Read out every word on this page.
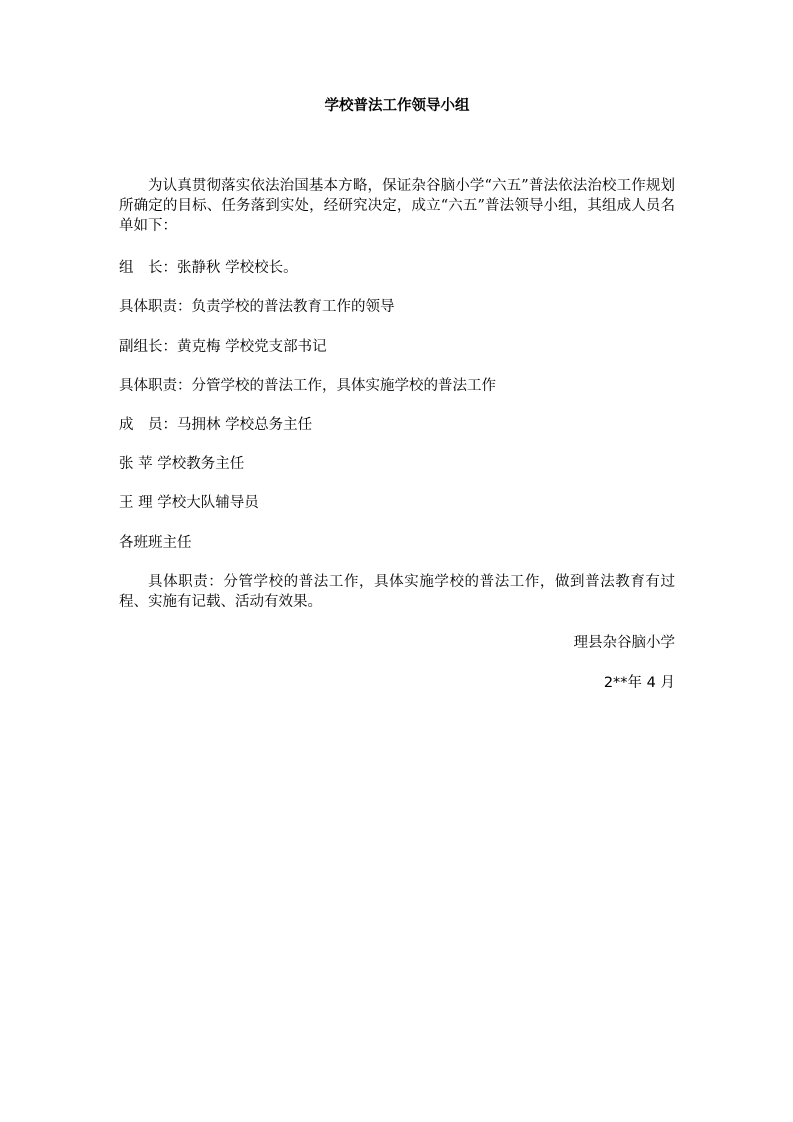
学校普法工作领导小组

为认真贯彻落实依法治国基本方略，保证杂谷脑小学“六五”普法依法治校工作规划所确定的目标、任务落到实处，经研究决定，成立“六五”普法领导小组，其组成人员名单如下：

组　长：张静秋 学校校长。

具体职责：负责学校的普法教育工作的领导

副组长：黄克梅 学校党支部书记

具体职责：分管学校的普法工作，具体实施学校的普法工作

成　员：马拥林 学校总务主任

张 苹 学校教务主任

王 理 学校大队辅导员

各班班主任

具体职责：分管学校的普法工作，具体实施学校的普法工作，做到普法教育有过程、实施有记载、活动有效果。

理县杂谷脑小学

2**年 4 月
